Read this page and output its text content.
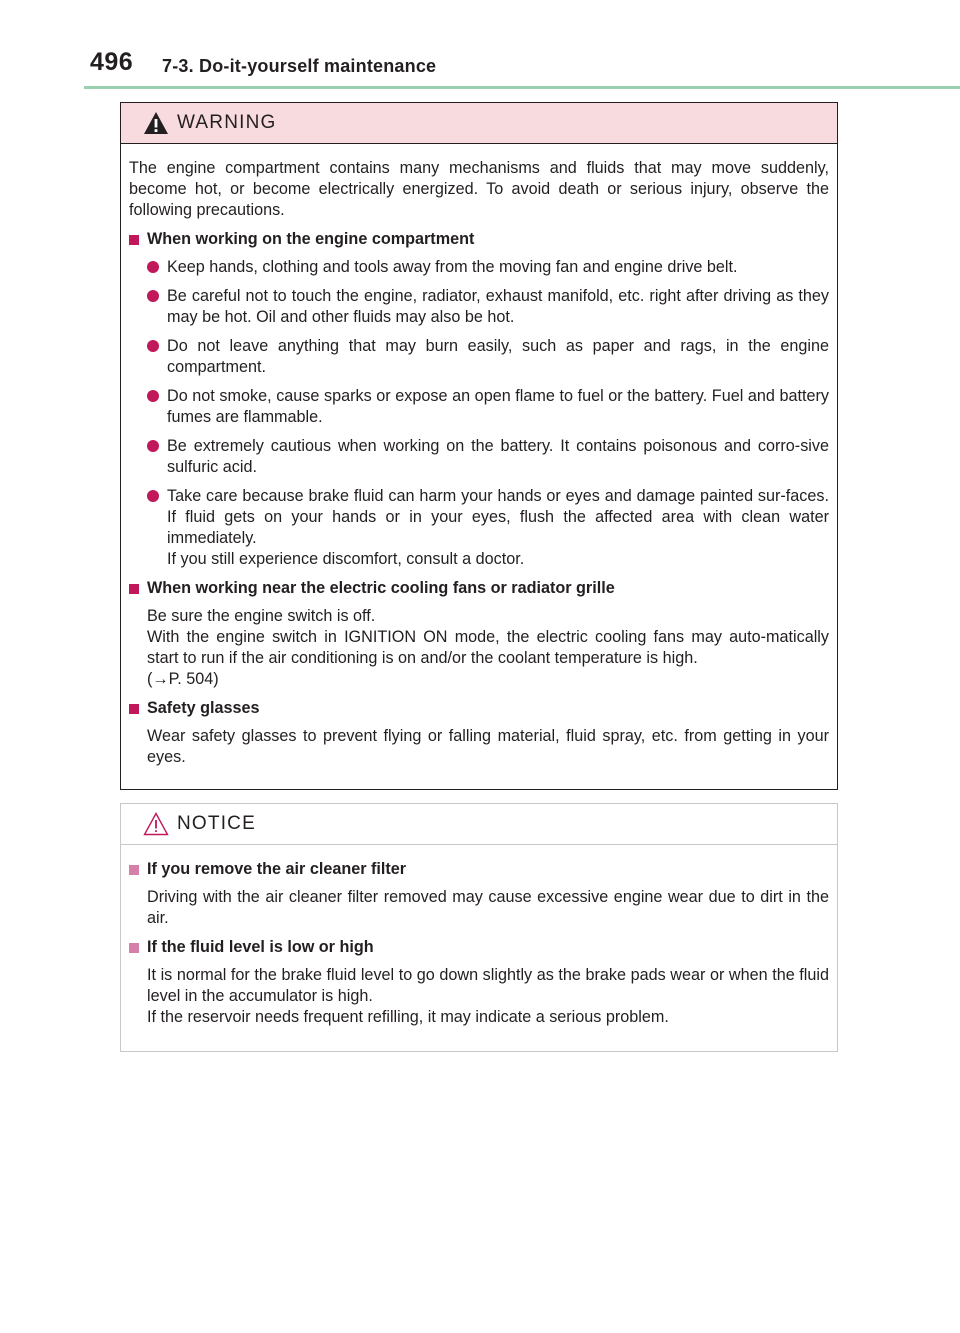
496 7-3. Do-it-yourself maintenance
WARNING

The engine compartment contains many mechanisms and fluids that may move suddenly, become hot, or become electrically energized. To avoid death or serious injury, observe the following precautions.

When working on the engine compartment
Keep hands, clothing and tools away from the moving fan and engine drive belt.
Be careful not to touch the engine, radiator, exhaust manifold, etc. right after driving as they may be hot. Oil and other fluids may also be hot.
Do not leave anything that may burn easily, such as paper and rags, in the engine compartment.
Do not smoke, cause sparks or expose an open flame to fuel or the battery. Fuel and battery fumes are flammable.
Be extremely cautious when working on the battery. It contains poisonous and corro-sive sulfuric acid.
Take care because brake fluid can harm your hands or eyes and damage painted sur-faces. If fluid gets on your hands or in your eyes, flush the affected area with clean water immediately.
If you still experience discomfort, consult a doctor.
When working near the electric cooling fans or radiator grille
Be sure the engine switch is off.
With the engine switch in IGNITION ON mode, the electric cooling fans may auto-matically start to run if the air conditioning is on and/or the coolant temperature is high.
(→P. 504)
Safety glasses
Wear safety glasses to prevent flying or falling material, fluid spray, etc. from getting in your eyes.
NOTICE
If you remove the air cleaner filter
Driving with the air cleaner filter removed may cause excessive engine wear due to dirt in the air.
If the fluid level is low or high
It is normal for the brake fluid level to go down slightly as the brake pads wear or when the fluid level in the accumulator is high.
If the reservoir needs frequent refilling, it may indicate a serious problem.
